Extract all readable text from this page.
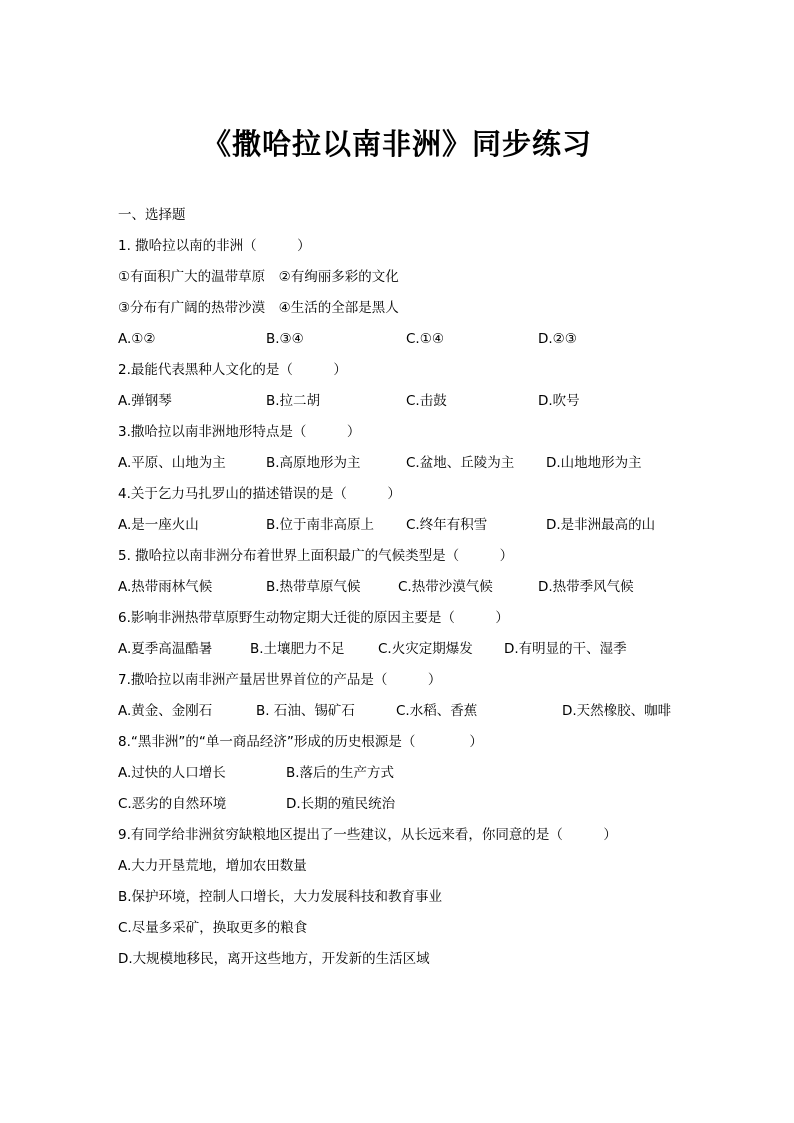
《撒哈拉以南非洲》同步练习
一、选择题
1. 撒哈拉以南的非洲（　　　）
①有面积广大的温带草原　②有绚丽多彩的文化
③分布有广阔的热带沙漠　④生活的全部是黑人
A.①②	B.③④	C.①④	D.②③
2.最能代表黑种人文化的是（　　　）
A.弹钢琴	B.拉二胡	C.击鼓	D.吹号
3.撒哈拉以南非洲地形特点是（　　　）
A.平原、山地为主	B.高原地形为主	C.盆地、丘陵为主 D.山地地形为主
4.关于乞力马扎罗山的描述错误的是（　　　）
A.是一座火山	B.位于南非高原上 C.终年有积雪	D.是非洲最高的山
5. 撒哈拉以南非洲分布着世界上面积最广的气候类型是（　　　）
A.热带雨林气候	B.热带草原气候	C.热带沙漠气候	D.热带季风气候
6.影响非洲热带草原野生动物定期大迁徙的原因主要是（　　　）
A.夏季高温酷暑	B.土壤肥力不足 C.火灾定期爆发 D.有明显的干、湿季
7.撒哈拉以南非洲产量居世界首位的产品是（　　　）
A.黄金、金刚石	B. 石油、锡矿石	C.水稻、香蕉	D.天然橡胶、咖啡
8.“黑非洲”的“单一商品经济”形成的历史根源是（　　　　）
A.过快的人口增长	B.落后的生产方式
C.恶劣的自然环境	D.长期的殖民统治
9.有同学给非洲贫穷缺粮地区提出了一些建议，从长远来看，你同意的是（　　　）
A.大力开垦荒地，增加农田数量
B.保护环境，控制人口增长，大力发展科技和教育事业
C.尽量多采矿，换取更多的粮食
D.大规模地移民，离开这些地方，开发新的生活区域
